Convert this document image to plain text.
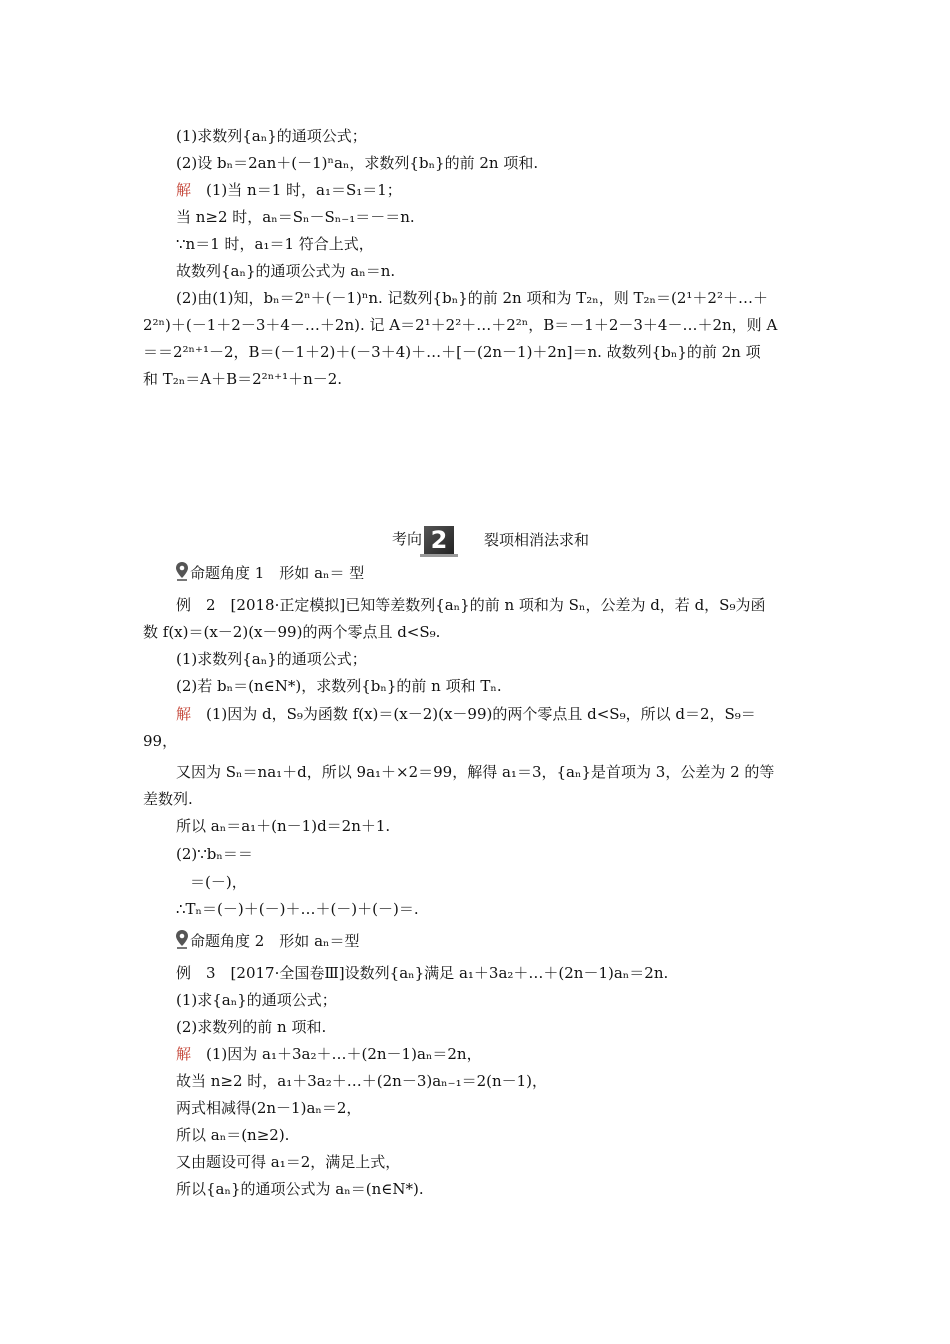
(1)求数列{aₙ}的通项公式；
(2)设 bₙ＝2an＋(－1)ⁿaₙ，求数列{bₙ}的前 2n 项和.
解　(1)当 n＝1 时，a₁＝S₁＝1；
当 n≥2 时，aₙ＝Sₙ－Sₙ₋₁＝－＝n.
∵n＝1 时，a₁＝1 符合上式，
故数列{aₙ}的通项公式为 aₙ＝n.
(2)由(1)知，bₙ＝2ⁿ＋(－1)ⁿn. 记数列{bₙ}的前 2n 项和为 T₂ₙ，则 T₂ₙ＝(2¹＋2²＋…＋
2²ⁿ)＋(－1＋2－3＋4－…＋2n). 记 A＝2¹＋2²＋…＋2²ⁿ，B＝－1＋2－3＋4－…＋2n，则 A
＝＝2²ⁿ⁺¹－2，B＝(－1＋2)＋(－3＋4)＋…＋[－(2n－1)＋2n]＝n. 故数列{bₙ}的前 2n 项
和 T₂ₙ＝A＋B＝2²ⁿ⁺¹＋n－2.
考向 2 裂项相消法求和
命题角度 1　形如 aₙ＝ 型
例　2　[2018·正定模拟]已知等差数列{aₙ}的前 n 项和为 Sₙ，公差为 d，若 d，S₉为函
数 f(x)＝(x－2)(x－99)的两个零点且 d<S₉.
(1)求数列{aₙ}的通项公式；
(2)若 bₙ＝(n∈N*)，求数列{bₙ}的前 n 项和 Tₙ.
解　(1)因为 d，S₉为函数 f(x)＝(x－2)(x－99)的两个零点且 d<S₉，所以 d＝2，S₉＝
99，
又因为 Sₙ＝na₁＋d，所以 9a₁＋×2＝99，解得 a₁＝3，{aₙ}是首项为 3，公差为 2 的等
差数列.
所以 aₙ＝a₁＋(n－1)d＝2n＋1.
(2)∵bₙ＝＝
＝(－)，
∴Tₙ＝(－)＋(－)＋…＋(－)＋(－)＝.
命题角度 2　形如 aₙ＝型
例　3　[2017·全国卷Ⅲ]设数列{aₙ}满足 a₁＋3a₂＋…＋(2n－1)aₙ＝2n.
(1)求{aₙ}的通项公式；
(2)求数列的前 n 项和.
解　(1)因为 a₁＋3a₂＋…＋(2n－1)aₙ＝2n，
故当 n≥2 时，a₁＋3a₂＋…＋(2n－3)aₙ₋₁＝2(n－1)，
两式相减得(2n－1)aₙ＝2，
所以 aₙ＝(n≥2).
又由题设可得 a₁＝2，满足上式，
所以{aₙ}的通项公式为 aₙ＝(n∈N*).
